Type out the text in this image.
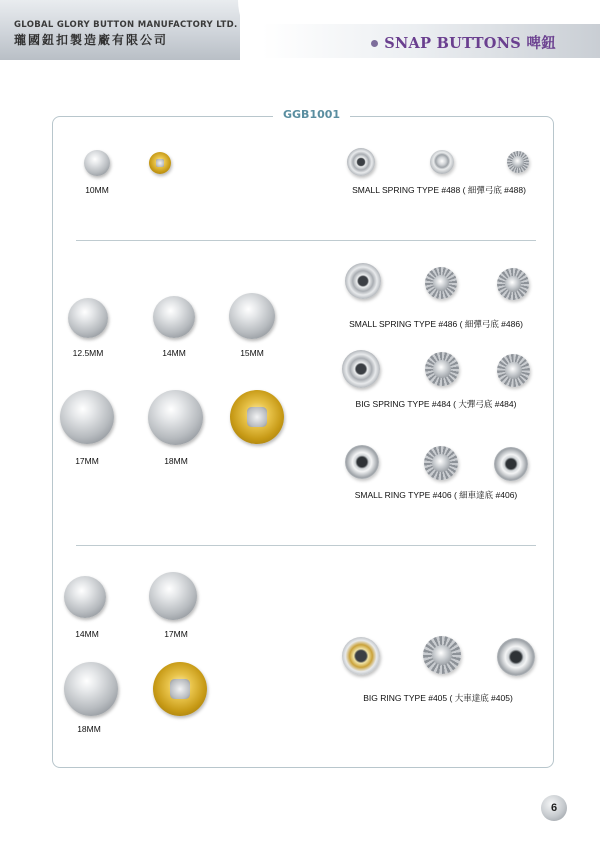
GLOBAL GLORY BUTTON MANUFACTORY LTD.
瓏國鈕扣製造廠有限公司	SNAP BUTTONS 啤鈕
GGB1001
10MM	SMALL SPRING TYPE #488 ( 細彈弓底 #488)
12.5MM	14MM	15MM
17MM	18MM
SMALL SPRING TYPE #486 ( 細彈弓底 #486)
BIG SPRING TYPE #484 ( 大彈弓底 #484)
SMALL RING TYPE #406 ( 細車達底 #406)
14MM	17MM
18MM
BIG RING TYPE #405 ( 大車達底 #405)
6
